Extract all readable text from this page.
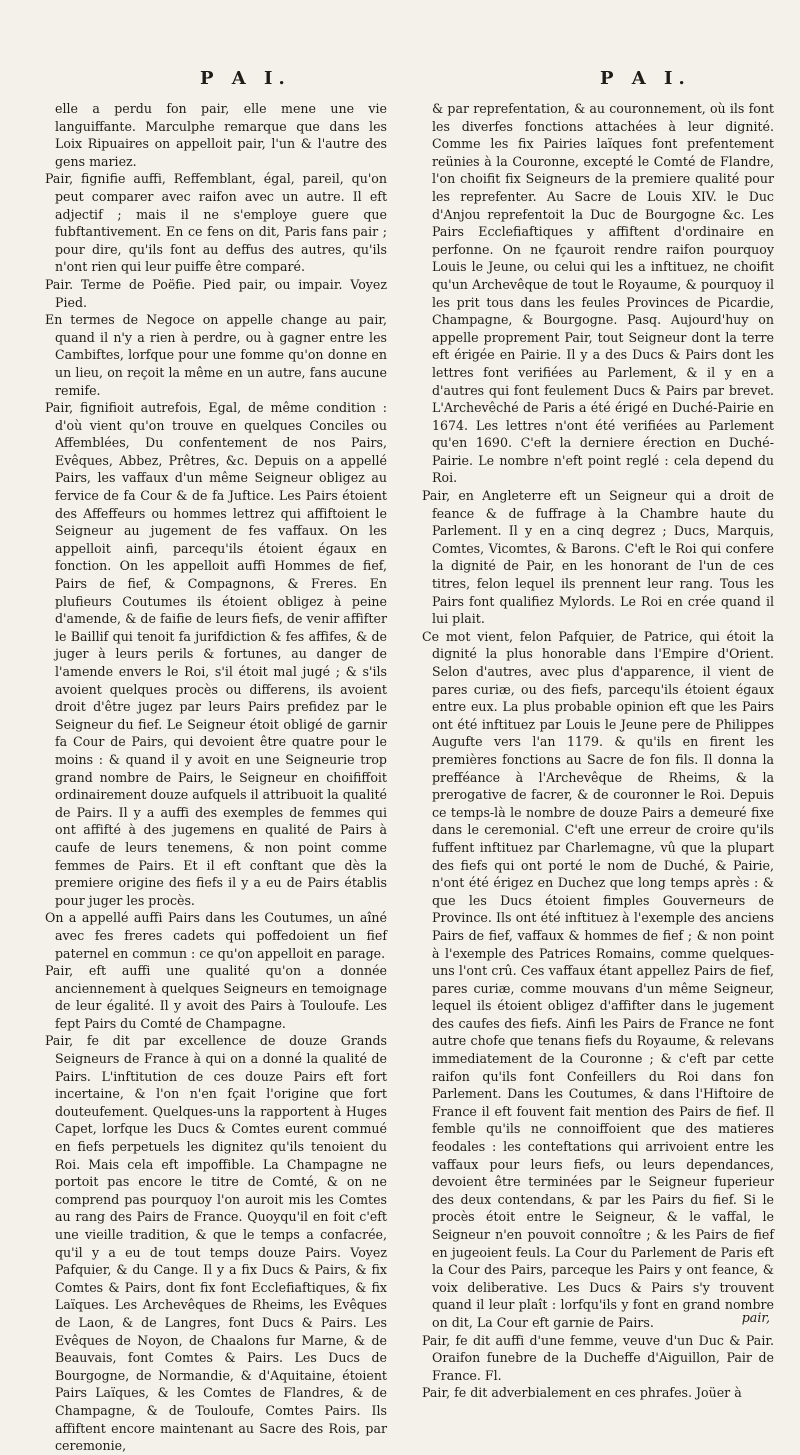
P A I.	P A I.

elle a perdu fon pair, elle mene une vie languiffante. Marculphe remarque que dans les Loix Ripuaires on appelloit pair, l'un & l'autre des gens mariez.

Pair, fignifie auffi, Reffemblant, égal, pareil, qu'on peut comparer avec raifon avec un autre. Il eft adjectif ; mais il ne s'employe guere que fubftantivement. En ce fens on dit, Paris fans pair ; pour dire, qu'ils font au deffus des autres, qu'ils n'ont rien qui leur puiffe être comparé.

Pair. Terme de Poëfie. Pied pair, ou impair. Voyez Pied.

En termes de Negoce on appelle change au pair, quand il n'y a rien à perdre, ou à gagner entre les Cambiftes, lorfque pour une fomme qu'on donne en un lieu, on reçoit la même en un autre, fans aucune remife.

Pair, fignifioit autrefois, Egal, de même condition : d'où vient qu'on trouve en quelques Conciles ou Affemblées, Du confentement de nos Pairs, Evêques, Abbez, Prêtres, &c. Depuis on a appellé Pairs, les vaffaux d'un même Seigneur obligez au fervice de fa Cour & de fa Juftice. Les Pairs étoient des Affeffeurs ou hommes lettrez qui affiftoient le Seigneur au jugement de fes vaffaux. On les appelloit ainfi, parcequ'ils étoient égaux en fonction. On les appelloit auffi Hommes de fief, Pairs de fief, & Compagnons, & Freres. En plufieurs Coutumes ils étoient obligez à peine d'amende, & de faifie de leurs fiefs, de venir affifter le Baillif qui tenoit fa jurifdiction & fes affifes, & de juger à leurs perils & fortunes, au danger de l'amende envers le Roi, s'il étoit mal jugé ; & s'ils avoient quelques procès ou differens, ils avoient droit d'être jugez par leurs Pairs prefidez par le Seigneur du fief. Le Seigneur étoit obligé de garnir fa Cour de Pairs, qui devoient être quatre pour le moins : & quand il y avoit en une Seigneurie trop grand nombre de Pairs, le Seigneur en choififfoit ordinairement douze aufquels il attribuoit la qualité de Pairs. Il y a auffi des exemples de femmes qui ont affifté à des jugemens en qualité de Pairs à caufe de leurs tenemens, & non point comme femmes de Pairs. Et il eft conftant que dès la premiere origine des fiefs il y a eu de Pairs établis pour juger les procès.

On a appellé auffi Pairs dans les Coutumes, un aîné avec fes freres cadets qui poffedoient un fief paternel en commun : ce qu'on appelloit en parage.

Pair, eft auffi une qualité qu'on a donnée anciennement à quelques Seigneurs en temoignage de leur égalité. Il y avoit des Pairs à Touloufe. Les fept Pairs du Comté de Champagne.

Pair, fe dit par excellence de douze Grands Seigneurs de France à qui on a donné la qualité de Pairs. L'inftitution de ces douze Pairs eft fort incertaine, & l'on n'en fçait l'origine que fort douteufement. Quelques-uns la rapportent à Huges Capet, lorfque les Ducs & Comtes eurent commué en fiefs perpetuels les dignitez qu'ils tenoient du Roi. Mais cela eft impoffible. La Champagne ne portoit pas encore le titre de Comté, & on ne comprend pas pourquoy l'on auroit mis les Comtes au rang des Pairs de France. Quoyqu'il en foit c'eft une vieille tradition, & que le temps a confacrée, qu'il y a eu de tout temps douze Pairs. Voyez Pafquier, & du Cange. Il y a fix Ducs & Pairs, & fix Comtes & Pairs, dont fix font Ecclefiaftiques, & fix Laïques. Les Archevêques de Rheims, les Evêques de Laon, & de Langres, font Ducs & Pairs. Les Evêques de Noyon, de Chaalons fur Marne, & de Beauvais, font Comtes & Pairs. Les Ducs de Bourgogne, de Normandie, & d'Aquitaine, étoient Pairs Laïques, & les Comtes de Flandres, & de Champagne, & de Touloufe, Comtes Pairs. Ils affiftent encore maintenant au Sacre des Rois, par ceremonie,

& par reprefentation, & au couronnement, où ils font les diverfes fonctions attachées à leur dignité. Comme les fix Pairies laïques font prefentement reünies à la Couronne, excepté le Comté de Flandre, l'on choifit fix Seigneurs de la premiere qualité pour les reprefenter. Au Sacre de Louis XIV. le Duc d'Anjou reprefentoit la Duc de Bourgogne &c. Les Pairs Ecclefiaftiques y affiftent d'ordinaire en perfonne. On ne fçauroit rendre raifon pourquoy Louis le Jeune, ou celui qui les a inftituez, ne choifit qu'un Archevêque de tout le Royaume, & pourquoy il les prit tous dans les feules Provinces de Picardie, Champagne, & Bourgogne. Pasq. Aujourd'huy on appelle proprement Pair, tout Seigneur dont la terre eft érigée en Pairie. Il y a des Ducs & Pairs dont les lettres font verifiées au Parlement, & il y en a d'autres qui font feulement Ducs & Pairs par brevet. L'Archevêché de Paris a été érigé en Duché-Pairie en 1674. Les lettres n'ont été verifiées au Parlement qu'en 1690. C'eft la derniere érection en Duché-Pairie. Le nombre n'eft point reglé : cela depend du Roi.

Pair, en Angleterre eft un Seigneur qui a droit de feance & de fuffrage à la Chambre haute du Parlement. Il y en a cinq degrez ; Ducs, Marquis, Comtes, Vicomtes, & Barons. C'eft le Roi qui confere la dignité de Pair, en les honorant de l'un de ces titres, felon lequel ils prennent leur rang. Tous les Pairs font qualifiez Mylords. Le Roi en crée quand il lui plait.

Ce mot vient, felon Pafquier, de Patrice, qui étoit la dignité la plus honorable dans l'Empire d'Orient. Selon d'autres, avec plus d'apparence, il vient de pares curiæ, ou des fiefs, parcequ'ils étoient égaux entre eux. La plus probable opinion eft que les Pairs ont été inftituez par Louis le Jeune pere de Philippes Augufte vers l'an 1179. & qu'ils en firent les premières fonctions au Sacre de fon fils. Il donna la prefféance à l'Archevêque de Rheims, & la prerogative de facrer, & de couronner le Roi. Depuis ce temps-là le nombre de douze Pairs a demeuré fixe dans le ceremonial. C'eft une erreur de croire qu'ils fuffent inftituez par Charlemagne, vû que la plupart des fiefs qui ont porté le nom de Duché, & Pairie, n'ont été érigez en Duchez que long temps après : & que les Ducs étoient fimples Gouverneurs de Province. Ils ont été inftituez à l'exemple des anciens Pairs de fief, vaffaux & hommes de fief ; & non point à l'exemple des Patrices Romains, comme quelques-uns l'ont crû. Ces vaffaux étant appellez Pairs de fief, pares curiæ, comme mouvans d'un même Seigneur, lequel ils étoient obligez d'affifter dans le jugement des caufes des fiefs. Ainfi les Pairs de France ne font autre chofe que tenans fiefs du Royaume, & relevans immediatement de la Couronne ; & c'eft par cette raifon qu'ils font Confeillers du Roi dans fon Parlement. Dans les Coutumes, & dans l'Hiftoire de France il eft fouvent fait mention des Pairs de fief. Il femble qu'ils ne connoiffoient que des matieres feodales : les conteftations qui arrivoient entre les vaffaux pour leurs fiefs, ou leurs dependances, devoient être terminées par le Seigneur fuperieur des deux contendans, & par les Pairs du fief. Si le procès étoit entre le Seigneur, & le vaffal, le Seigneur n'en pouvoit connoître ; & les Pairs de fief en jugeoient feuls. La Cour du Parlement de Paris eft la Cour des Pairs, parceque les Pairs y ont feance, & voix deliberative. Les Ducs & Pairs s'y trouvent quand il leur plaît : lorfqu'ils y font en grand nombre on dit, La Cour eft garnie de Pairs.

Pair, fe dit auffi d'une femme, veuve d'un Duc & Pair. Oraifon funebre de la Ducheffe d'Aiguillon, Pair de France. Fl.

Pair, fe dit adverbialement en ces phrafes. Joüer à

pair,
